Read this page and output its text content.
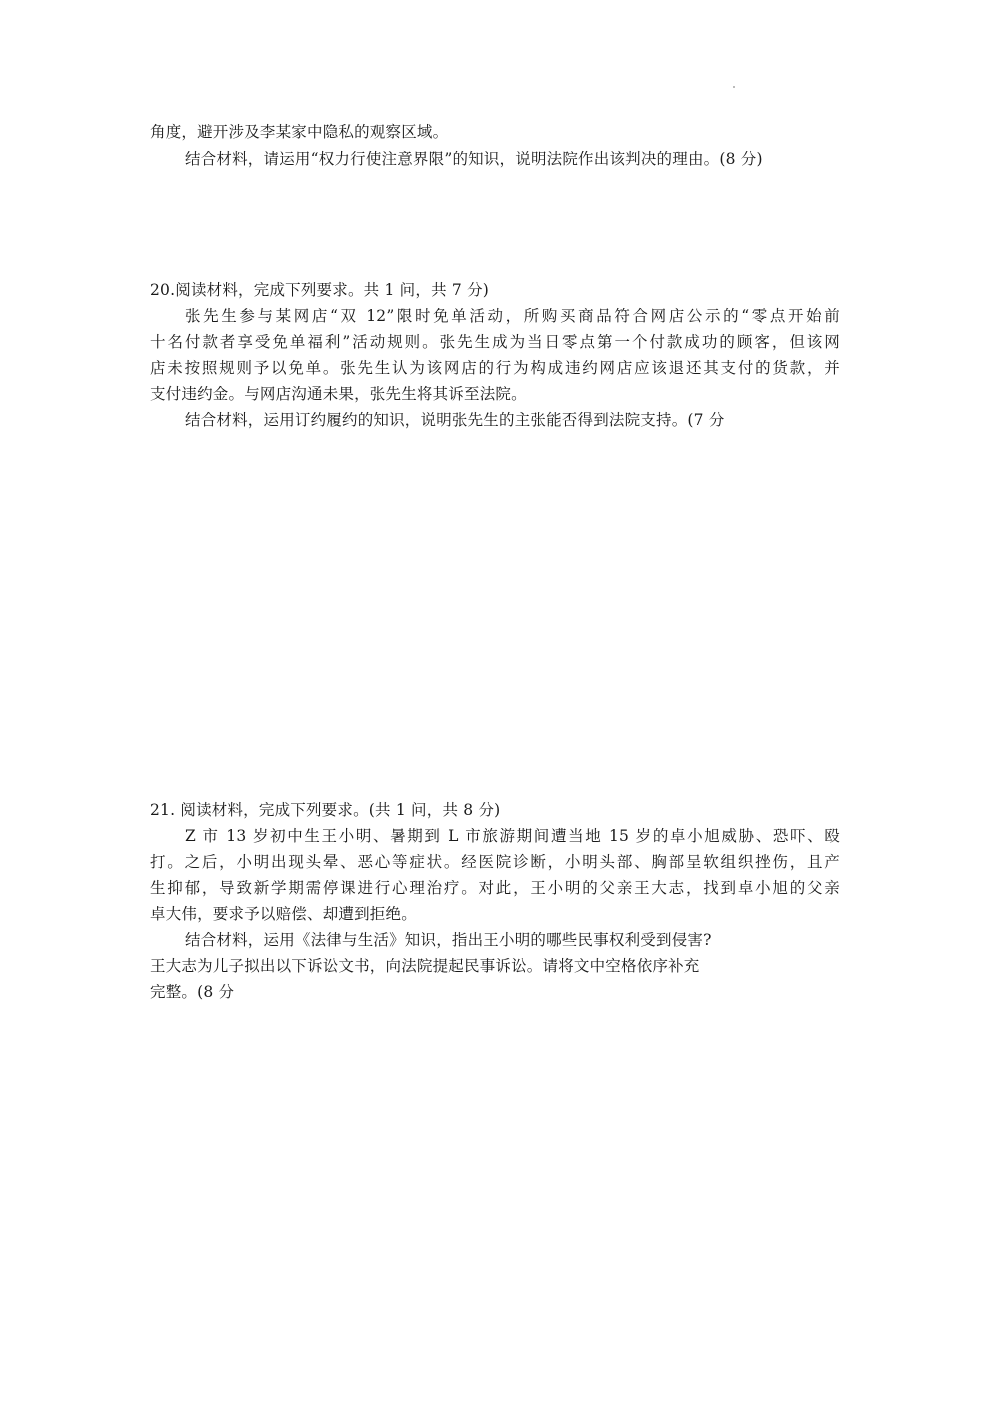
角度，避开涉及李某家中隐私的观察区域。
结合材料，请运用“权力行使注意界限”的知识，说明法院作出该判决的理由。(8 分)
20.阅读材料，完成下列要求。共 1 问，共 7 分)
张先生参与某网店“双 12”限时免单活动，所购买商品符合网店公示的“零点开始前
十名付款者享受免单福利”活动规则。张先生成为当日零点第一个付款成功的顾客，但该网
店未按照规则予以免单。张先生认为该网店的行为构成违约网店应该退还其支付的货款，并
支付违约金。与网店沟通未果，张先生将其诉至法院。
结合材料，运用订约履约的知识，说明张先生的主张能否得到法院支持。(7 分
21. 阅读材料，完成下列要求。(共 1 问，共 8 分)
Z 市 13 岁初中生王小明、暑期到 L 市旅游期间遭当地 15 岁的卓小旭威胁、恐吓、殴
打。之后，小明出现头晕、恶心等症状。经医院诊断，小明头部、胸部呈软组织挫伤，且产
生抑郁，导致新学期需停课进行心理治疗。对此，王小明的父亲王大志，找到卓小旭的父亲
卓大伟，要求予以赔偿、却遭到拒绝。
结合材料，运用《法律与生活》知识，指出王小明的哪些民事权利受到侵害?
王大志为儿子拟出以下诉讼文书，向法院提起民事诉讼。请将文中空格依序补充
完整。(8 分
